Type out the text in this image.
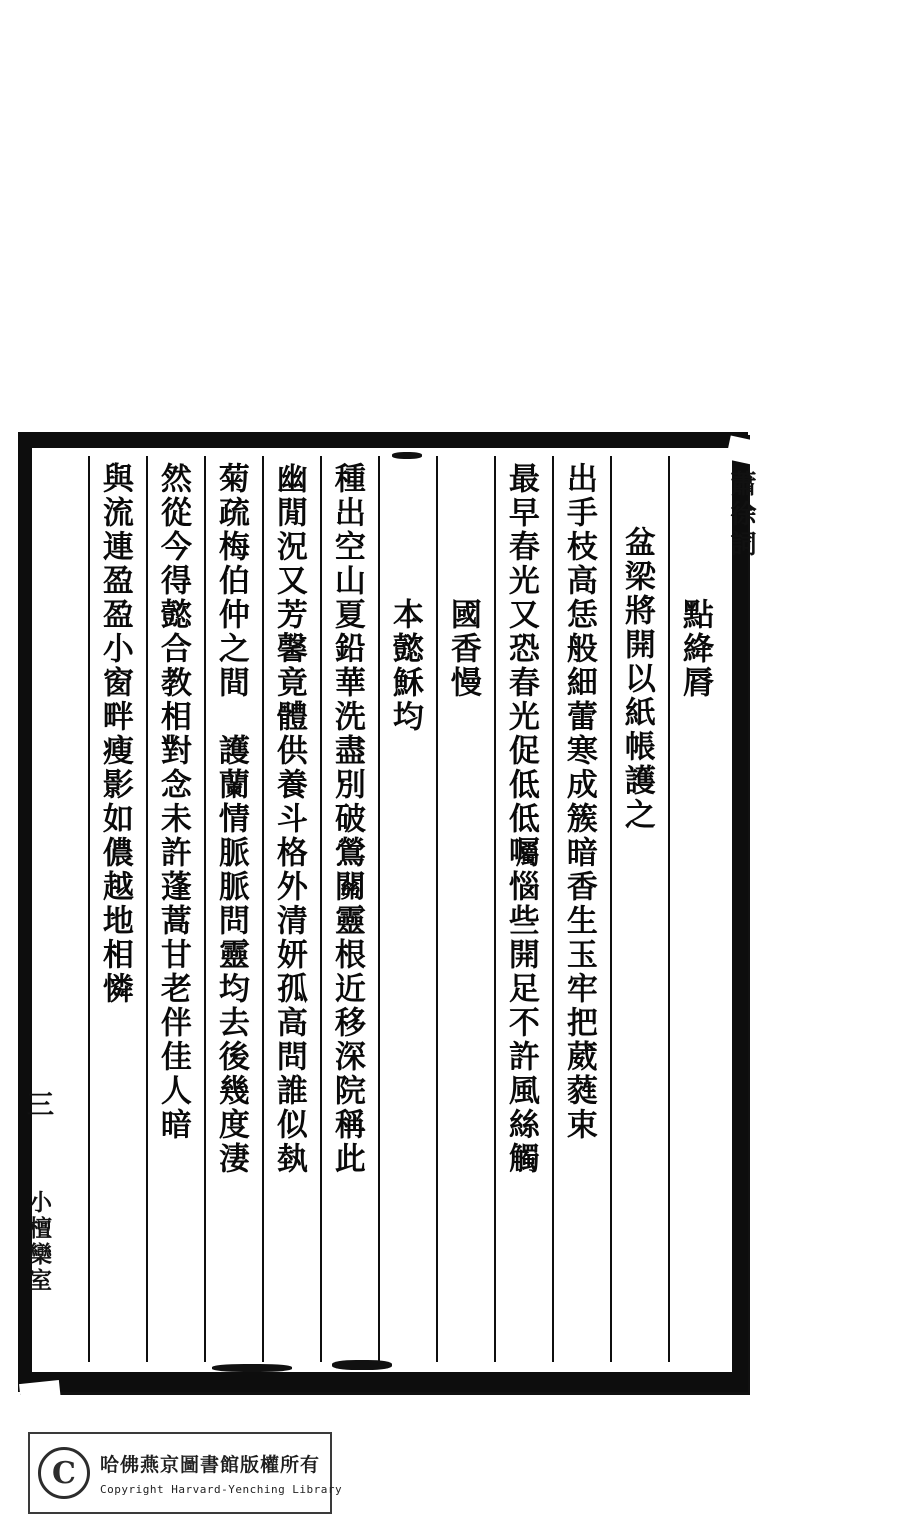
點絳脣
盆梁將開以紙帳護之
出手枝高恁般細蕾寒成簇暗香生玉牢把葳蕤束
最早春光又恐春光促低低囑惱些開足不許風絲觸
國香慢
本懿穌均
種出空山夏鉛華洗盡別破鶯關靈根近移深院稱此
幽閒況又芳馨竟體供養斗格外清妍孤高問誰似埶
菊疏梅伯仲之間　護蘭情脈脈問靈均去後幾度淒
然從今得懿合教相對念未許蓬蒿甘老伴佳人暗
與流連盈盈小窗畔瘦影如儂越地相憐	蕭徐詞
三
小檀欒室
C	哈佛燕京圖書館版權所有
Copyright Harvard-Yenching Library
